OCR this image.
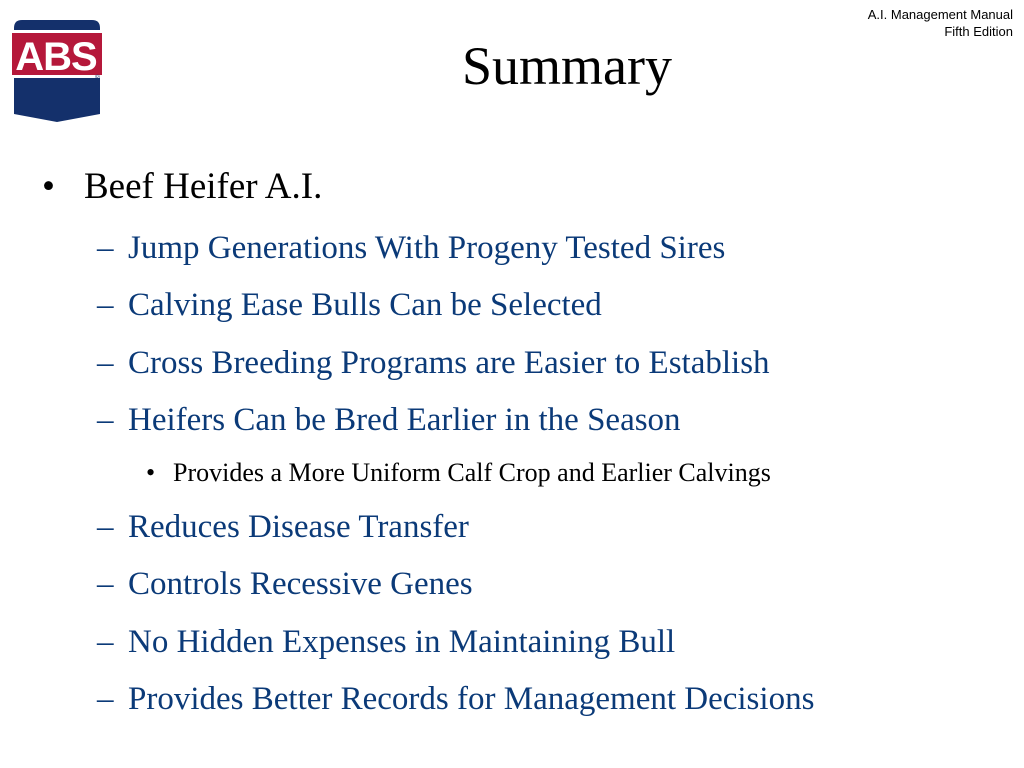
ABS
®
A.I. Management Manual
Fifth Edition
Summary
• Beef Heifer A.I.
– Jump Generations With Progeny Tested Sires
– Calving Ease Bulls Can be Selected
– Cross Breeding Programs are Easier to Establish
– Heifers Can be Bred Earlier in the Season
• Provides a More Uniform Calf Crop and Earlier Calvings
– Reduces Disease Transfer
– Controls Recessive Genes
– No Hidden Expenses in Maintaining Bull
– Provides Better Records for Management Decisions
